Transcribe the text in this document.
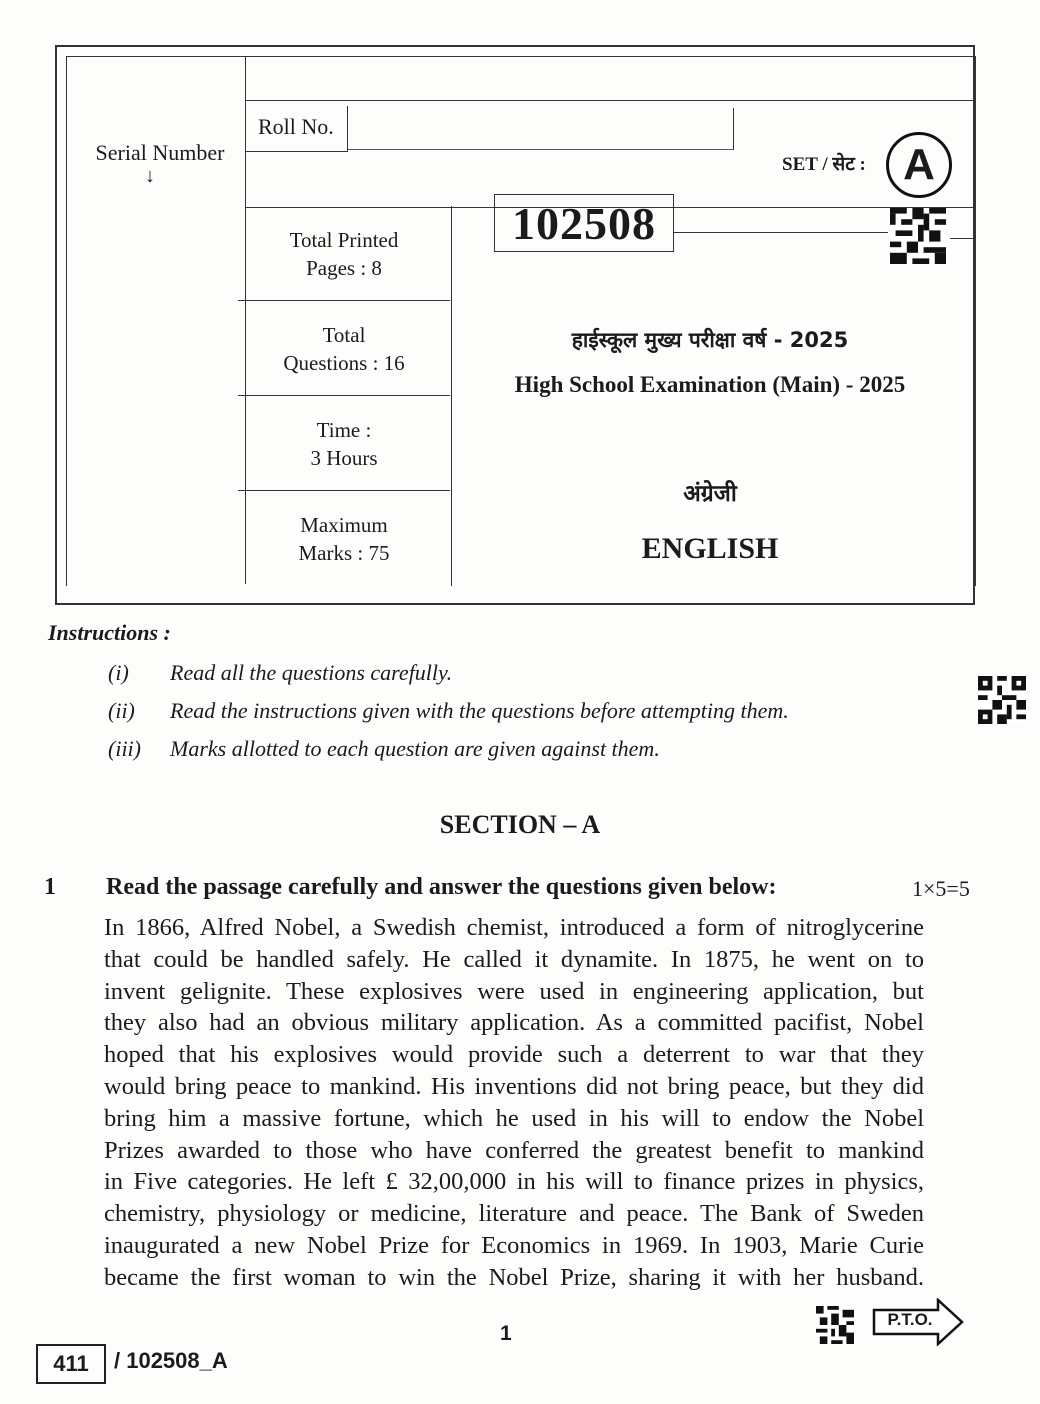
Serial Number
↓
Roll No.
SET / सेट : A
102508
Total Printed
Pages : 8
Total
Questions : 16
Time :
3 Hours
Maximum
Marks : 75
हाईस्कूल मुख्य परीक्षा वर्ष - 2025
High School Examination (Main) - 2025
अंग्रेजी
ENGLISH
Instructions :
(i) Read all the questions carefully.
(ii) Read the instructions given with the questions before attempting them.
(iii) Marks allotted to each question are given against them.
SECTION – A
1 Read the passage carefully and answer the questions given below:	1×5=5
In 1866, Alfred Nobel, a Swedish chemist, introduced a form of nitroglycerine
that could be handled safely. He called it dynamite. In 1875, he went on to
invent gelignite. These explosives were used in engineering application, but
they also had an obvious military application. As a committed pacifist, Nobel
hoped that his explosives would provide such a deterrent to war that they
would bring peace to mankind. His inventions did not bring peace, but they did
bring him a massive fortune, which he used in his will to endow the Nobel
Prizes awarded to those who have conferred the greatest benefit to mankind
in Five categories. He left £ 32,00,000 in his will to finance prizes in physics,
chemistry, physiology or medicine, literature and peace. The Bank of Sweden
inaugurated a new Nobel Prize for Economics in 1969. In 1903, Marie Curie
became the first woman to win the Nobel Prize, sharing it with her husband.
1
411	/ 102508_A
P.T.O.
